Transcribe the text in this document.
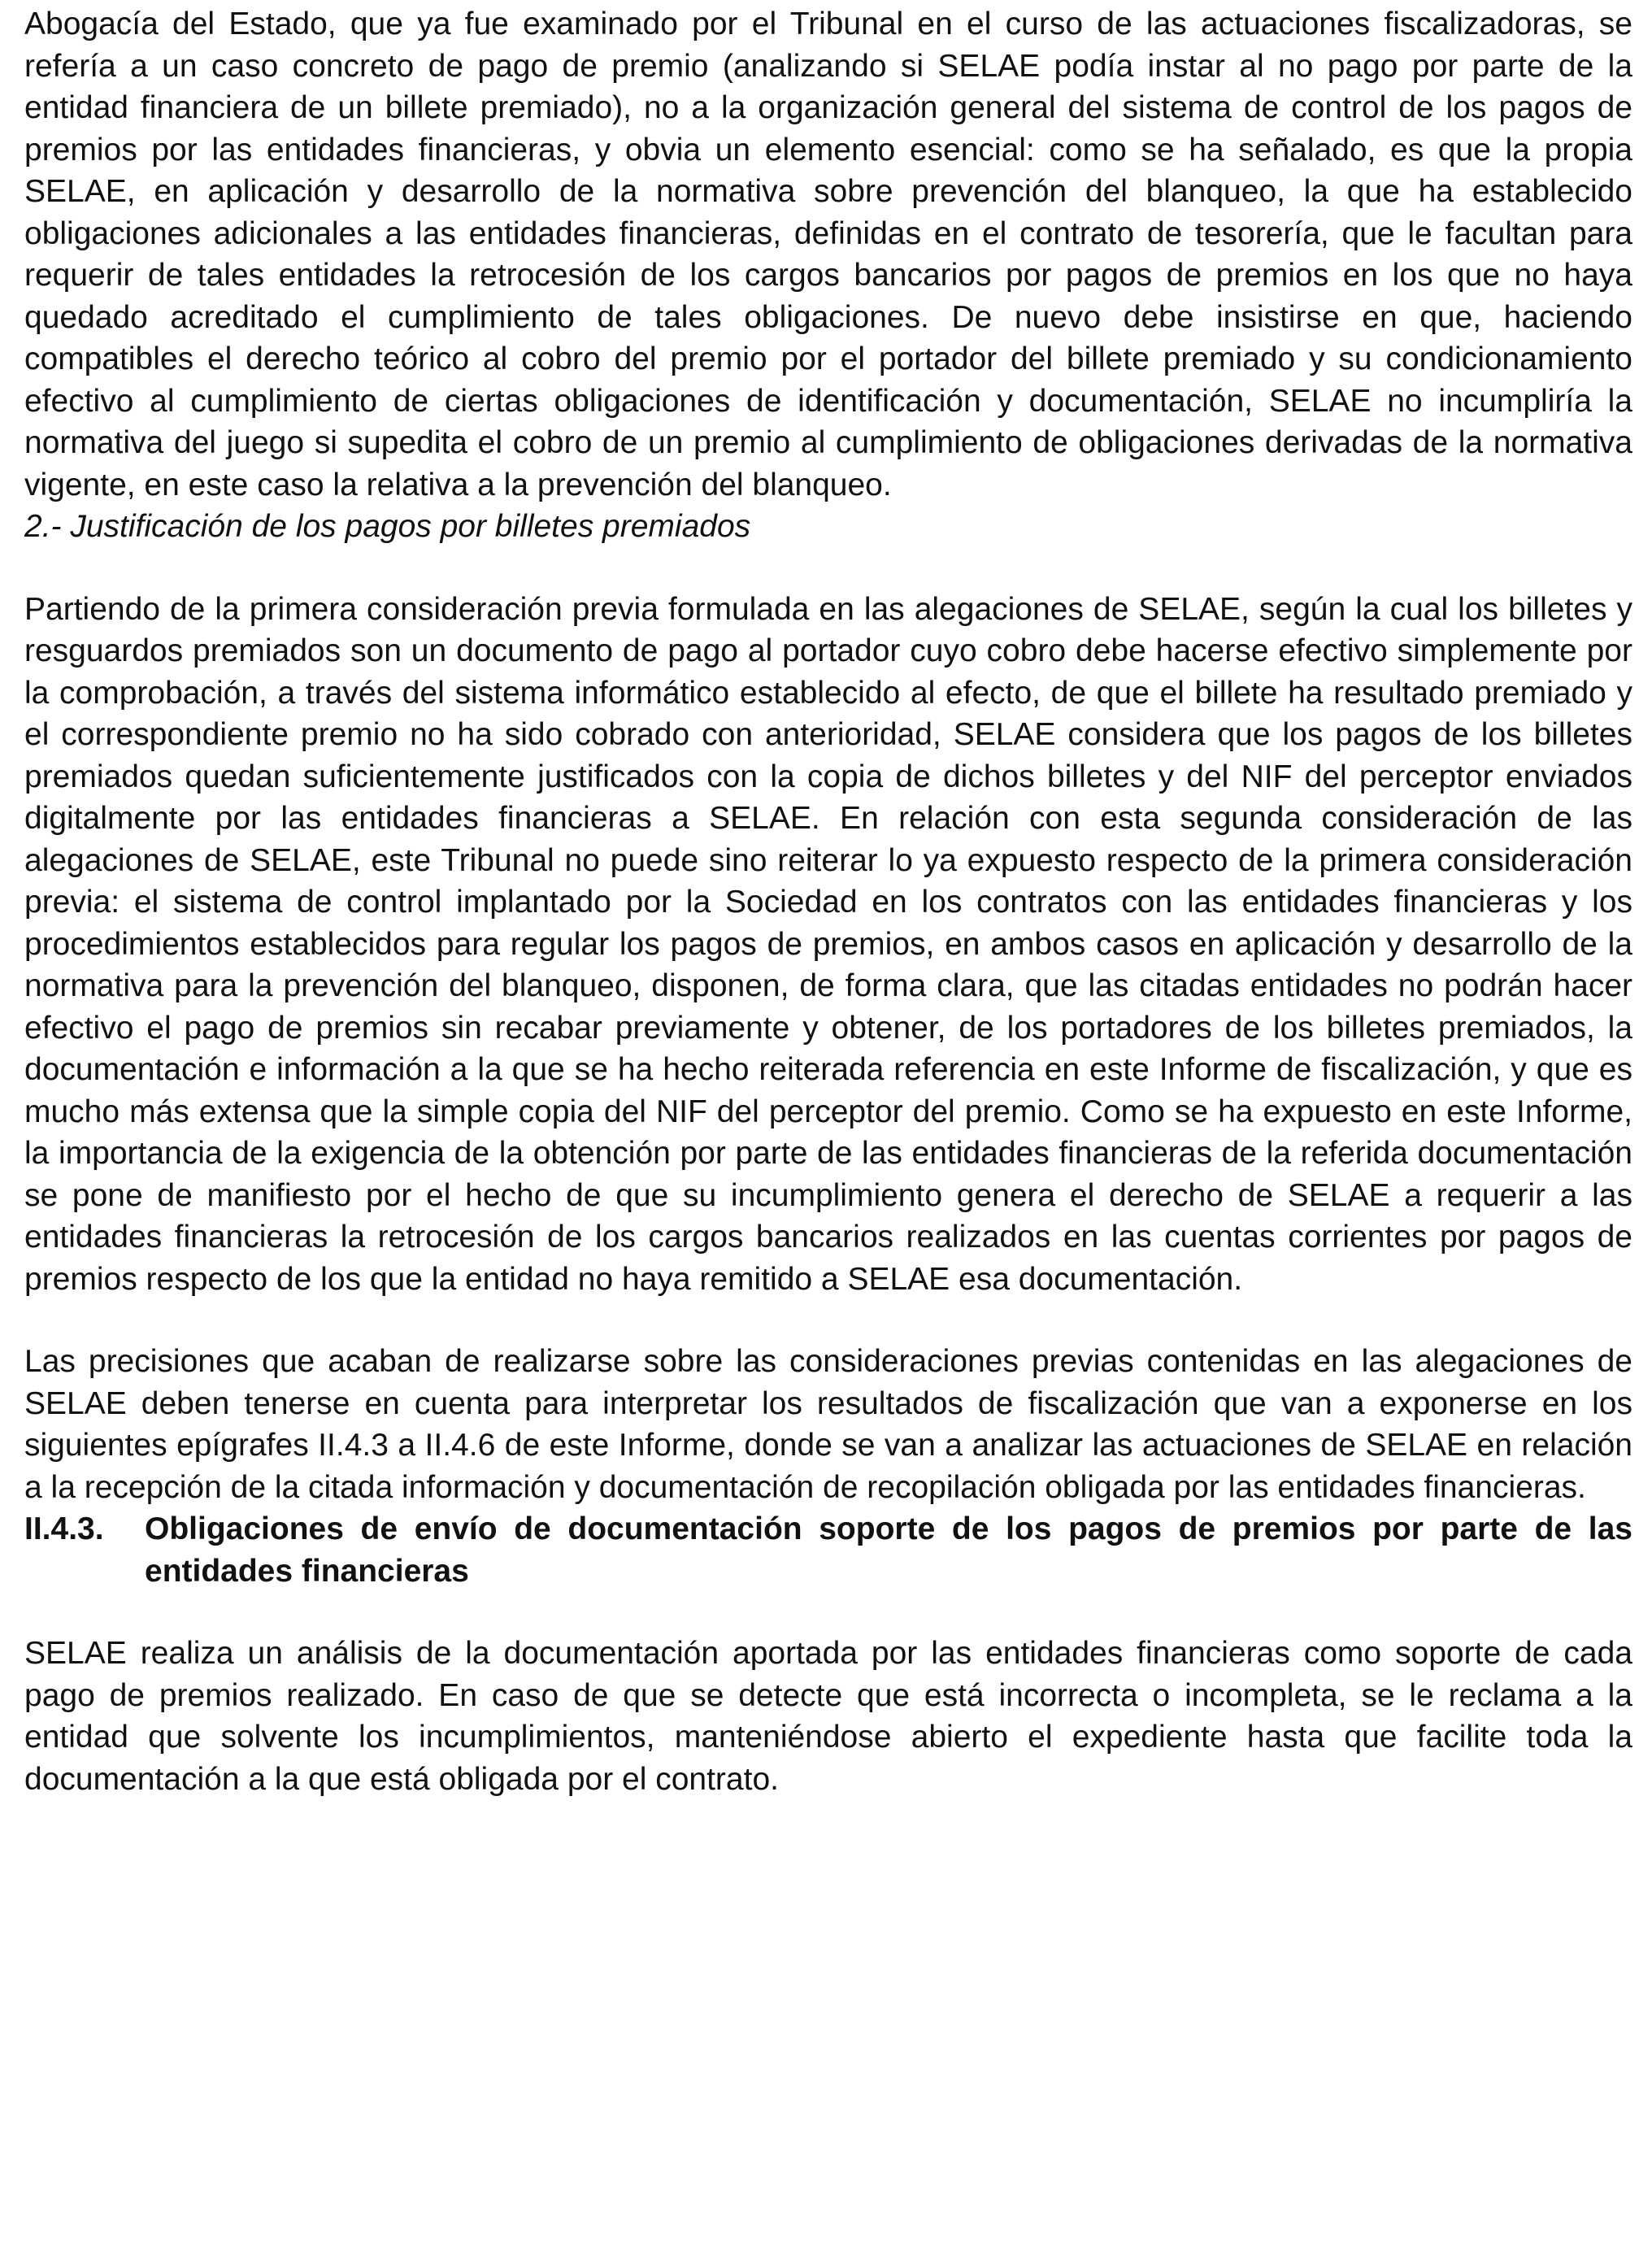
Abogacía del Estado, que ya fue examinado por el Tribunal en el curso de las actuaciones fiscalizadoras, se refería a un caso concreto de pago de premio (analizando si SELAE podía instar al no pago por parte de la entidad financiera de un billete premiado), no a la organización general del sistema de control de los pagos de premios por las entidades financieras, y obvia un elemento esencial: como se ha señalado, es que la propia SELAE, en aplicación y desarrollo de la normativa sobre prevención del blanqueo, la que ha establecido obligaciones adicionales a las entidades financieras, definidas en el contrato de tesorería, que le facultan para requerir de tales entidades la retrocesión de los cargos bancarios por pagos de premios en los que no haya quedado acreditado el cumplimiento de tales obligaciones. De nuevo debe insistirse en que, haciendo compatibles el derecho teórico al cobro del premio por el portador del billete premiado y su condicionamiento efectivo al cumplimiento de ciertas obligaciones de identificación y documentación, SELAE no incumpliría la normativa del juego si supedita el cobro de un premio al cumplimiento de obligaciones derivadas de la normativa vigente, en este caso la relativa a la prevención del blanqueo.

2.- Justificación de los pagos por billetes premiados

Partiendo de la primera consideración previa formulada en las alegaciones de SELAE, según la cual los billetes y resguardos premiados son un documento de pago al portador cuyo cobro debe hacerse efectivo simplemente por la comprobación, a través del sistema informático establecido al efecto, de que el billete ha resultado premiado y el correspondiente premio no ha sido cobrado con anterioridad, SELAE considera que los pagos de los billetes premiados quedan suficientemente justificados con la copia de dichos billetes y del NIF del perceptor enviados digitalmente por las entidades financieras a SELAE. En relación con esta segunda consideración de las alegaciones de SELAE, este Tribunal no puede sino reiterar lo ya expuesto respecto de la primera consideración previa: el sistema de control implantado por la Sociedad en los contratos con las entidades financieras y los procedimientos establecidos para regular los pagos de premios, en ambos casos en aplicación y desarrollo de la normativa para la prevención del blanqueo, disponen, de forma clara, que las citadas entidades no podrán hacer efectivo el pago de premios sin recabar previamente y obtener, de los portadores de los billetes premiados, la documentación e información a la que se ha hecho reiterada referencia en este Informe de fiscalización, y que es mucho más extensa que la simple copia del NIF del perceptor del premio. Como se ha expuesto en este Informe, la importancia de la exigencia de la obtención por parte de las entidades financieras de la referida documentación se pone de manifiesto por el hecho de que su incumplimiento genera el derecho de SELAE a requerir a las entidades financieras la retrocesión de los cargos bancarios realizados en las cuentas corrientes por pagos de premios respecto de los que la entidad no haya remitido a SELAE esa documentación.

Las precisiones que acaban de realizarse sobre las consideraciones previas contenidas en las alegaciones de SELAE deben tenerse en cuenta para interpretar los resultados de fiscalización que van a exponerse en los siguientes epígrafes II.4.3 a II.4.6 de este Informe, donde se van a analizar las actuaciones de SELAE en relación a la recepción de la citada información y documentación de recopilación obligada por las entidades financieras.

II.4.3.	Obligaciones de envío de documentación soporte de los pagos de premios por parte de las entidades financieras

SELAE realiza un análisis de la documentación aportada por las entidades financieras como soporte de cada pago de premios realizado. En caso de que se detecte que está incorrecta o incompleta, se le reclama a la entidad que solvente los incumplimientos, manteniéndose abierto el expediente hasta que facilite toda la documentación a la que está obligada por el contrato.
